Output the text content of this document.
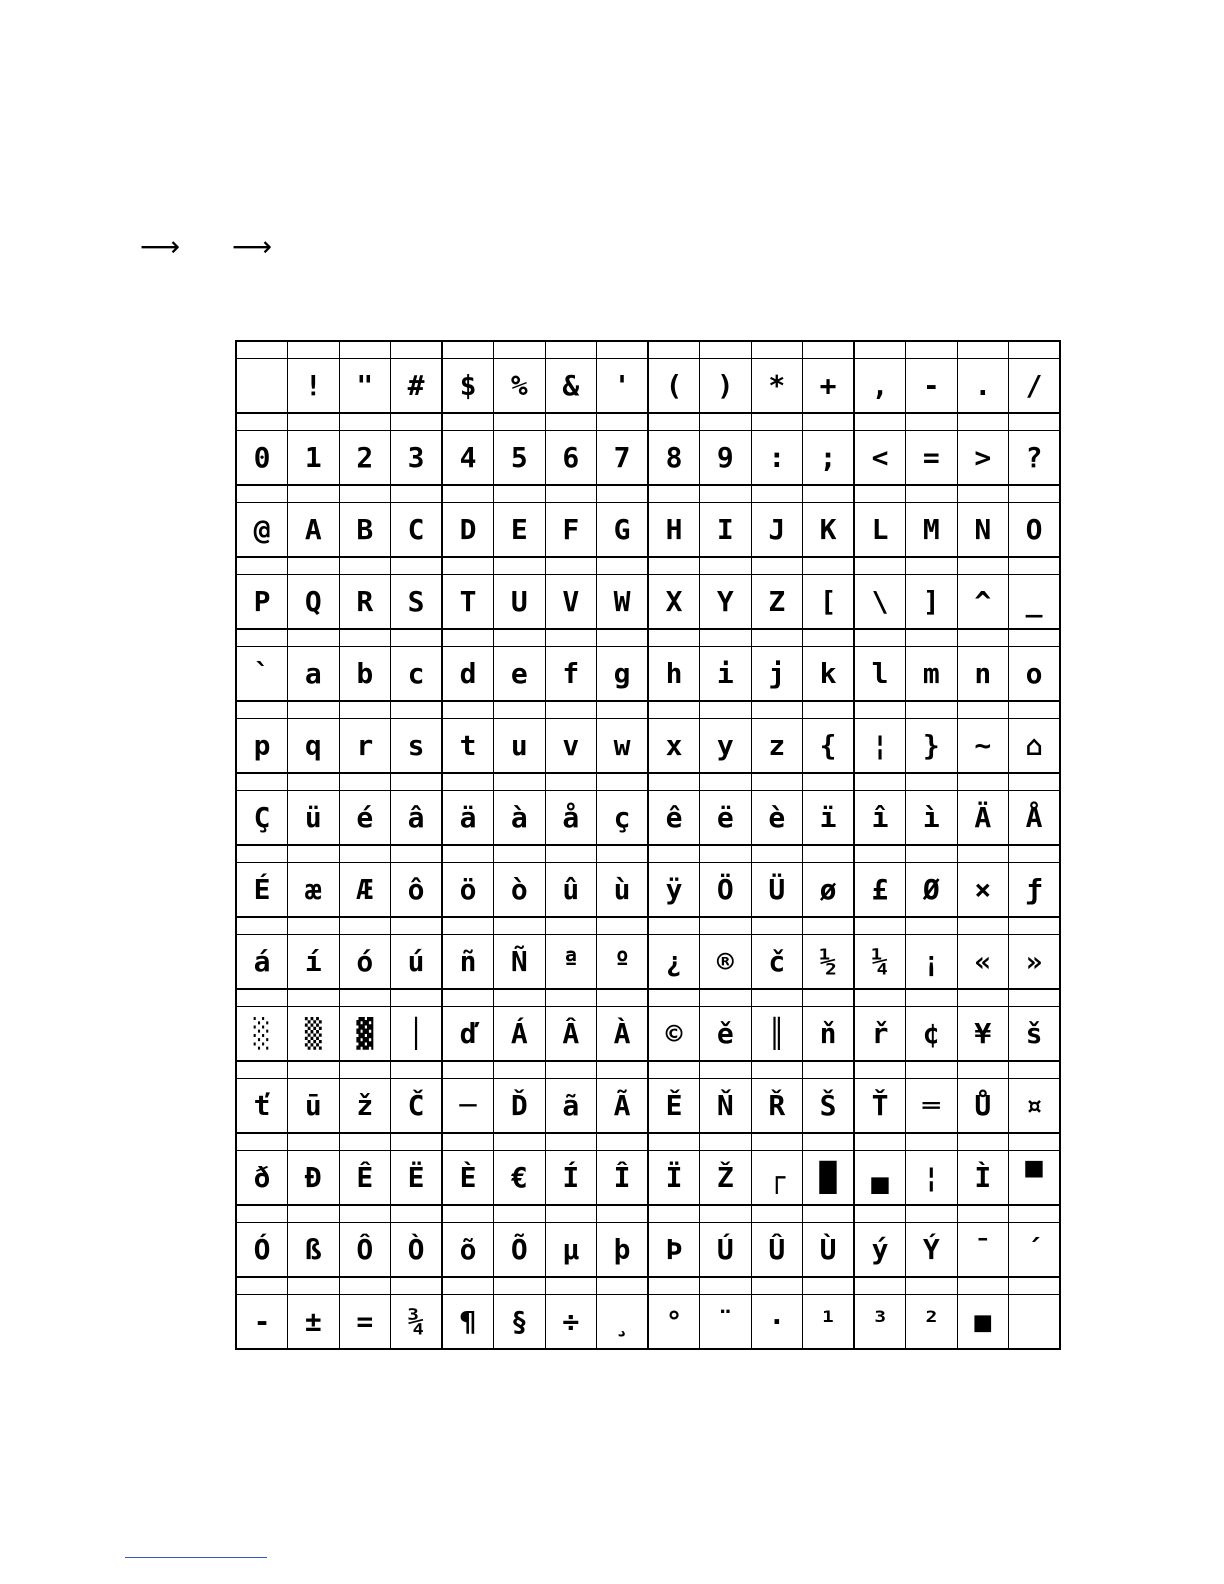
⟶ ⟶

	!	"	#	$	%	&	'	(	)	*	+	,	-	.	/

0	1	2	3	4	5	6	7	8	9	:	;	<	=	>	?

@	A	B	C	D	E	F	G	H	I	J	K	L	M	N	O

P	Q	R	S	T	U	V	W	X	Y	Z	[	\	]	^	_

`	a	b	c	d	e	f	g	h	i	j	k	l	m	n	o

p	q	r	s	t	u	v	w	x	y	z	{	¦	}	~	⌂

Ç	ü	é	â	ä	à	å	ç	ê	ë	è	ï	î	ì	Ä	Å

É	æ	Æ	ô	ö	ò	û	ù	ÿ	Ö	Ü	ø	£	Ø	×	ƒ

á	í	ó	ú	ñ	Ñ	ª	º	¿	®	č	½	¼	¡	«	»

░	▒	▓	│	ď	Á	Â	À	©	ě	║	ň	ř	¢	¥	š

ť	ū	ž	Č	─	Ď	ã	Ã	Ě	Ň	Ř	Š	Ť	═	Ů	¤

ð	Đ	Ê	Ë	È	€	Í	Î	Ï	Ž	┌	█	▄	¦	Ì	▀

Ó	ß	Ô	Ò	õ	Õ	µ	þ	Þ	Ú	Û	Ù	ý	Ý	¯	´

-	±	=	¾	¶	§	÷	¸	°	¨	·	¹	³	²	■	
